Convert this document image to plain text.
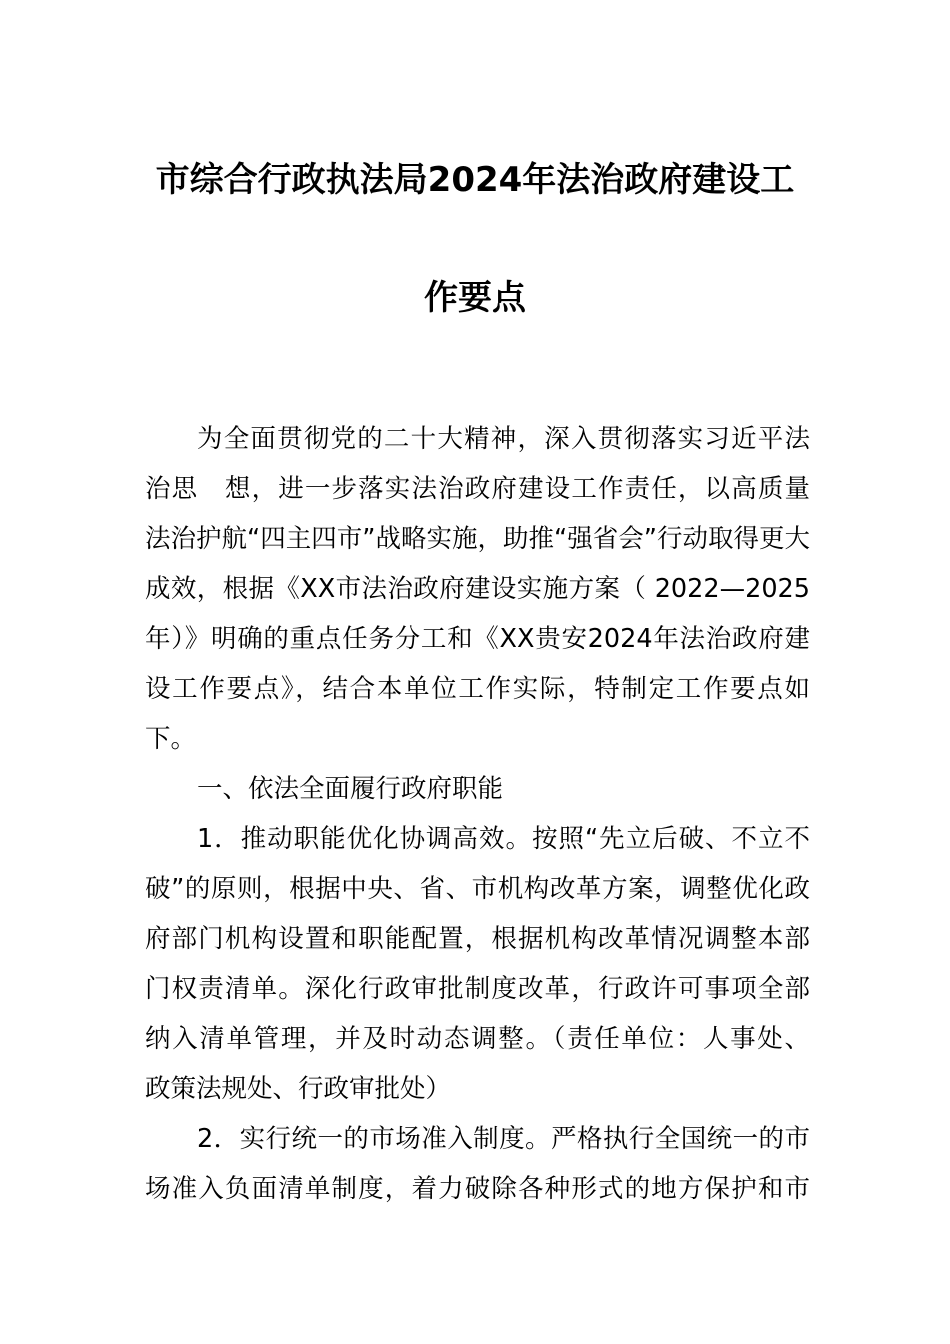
市综合行政执法局2024年法治政府建设工
作要点
为全面贯彻党的二十大精神，深入贯彻落实习近平法
治思　想，进一步落实法治政府建设工作责任，以高质量
法治护航“四主四市”战略实施，助推“强省会”行动取得更大
成效，根据《XX市法治政府建设实施方案（ 2022—2025
年）》明确的重点任务分工和《XX贵安2024年法治政府建
设工作要点》，结合本单位工作实际，特制定工作要点如
下。
一、依法全面履行政府职能
1．推动职能优化协调高效。按照“先立后破、不立不
破”的原则，根据中央、省、市机构改革方案，调整优化政
府部门机构设置和职能配置，根据机构改革情况调整本部
门权责清单。深化行政审批制度改革，行政许可事项全部
纳入清单管理，并及时动态调整。（责任单位：人事处、
政策法规处、行政审批处）
2．实行统一的市场准入制度。严格执行全国统一的市
场准入负面清单制度，着力破除各种形式的地方保护和市
